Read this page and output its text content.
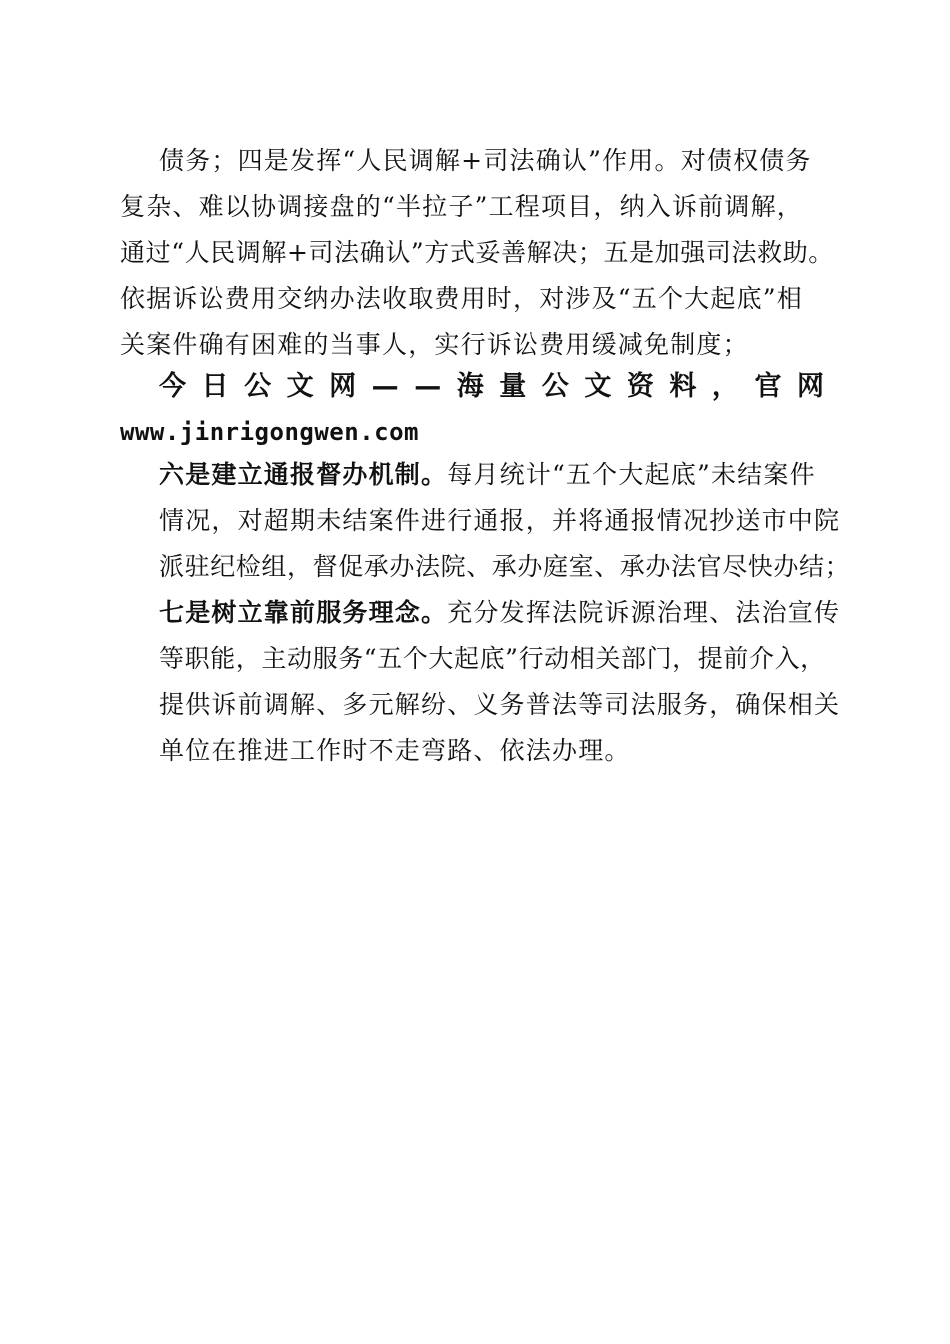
债务；四是发挥“人民调解+司法确认”作用。对债权债务
复杂、难以协调接盘的“半拉子”工程项目，纳入诉前调解，
通过“人民调解+司法确认”方式妥善解决；五是加强司法救助。
依据诉讼费用交纳办法收取费用时，对涉及“五个大起底”相
关案件确有困难的当事人，实行诉讼费用缓减免制度；
今 日 公 文 网 — — 海 量 公 文 资 料 ， 官 网
www.jinrigongwen.com
六是建立通报督办机制。每月统计“五个大起底”未结案件
情况，对超期未结案件进行通报，并将通报情况抄送市中院
派驻纪检组，督促承办法院、承办庭室、承办法官尽快办结；
七是树立靠前服务理念。充分发挥法院诉源治理、法治宣传
等职能，主动服务“五个大起底”行动相关部门，提前介入，
提供诉前调解、多元解纷、义务普法等司法服务，确保相关
单位在推进工作时不走弯路、依法办理。
